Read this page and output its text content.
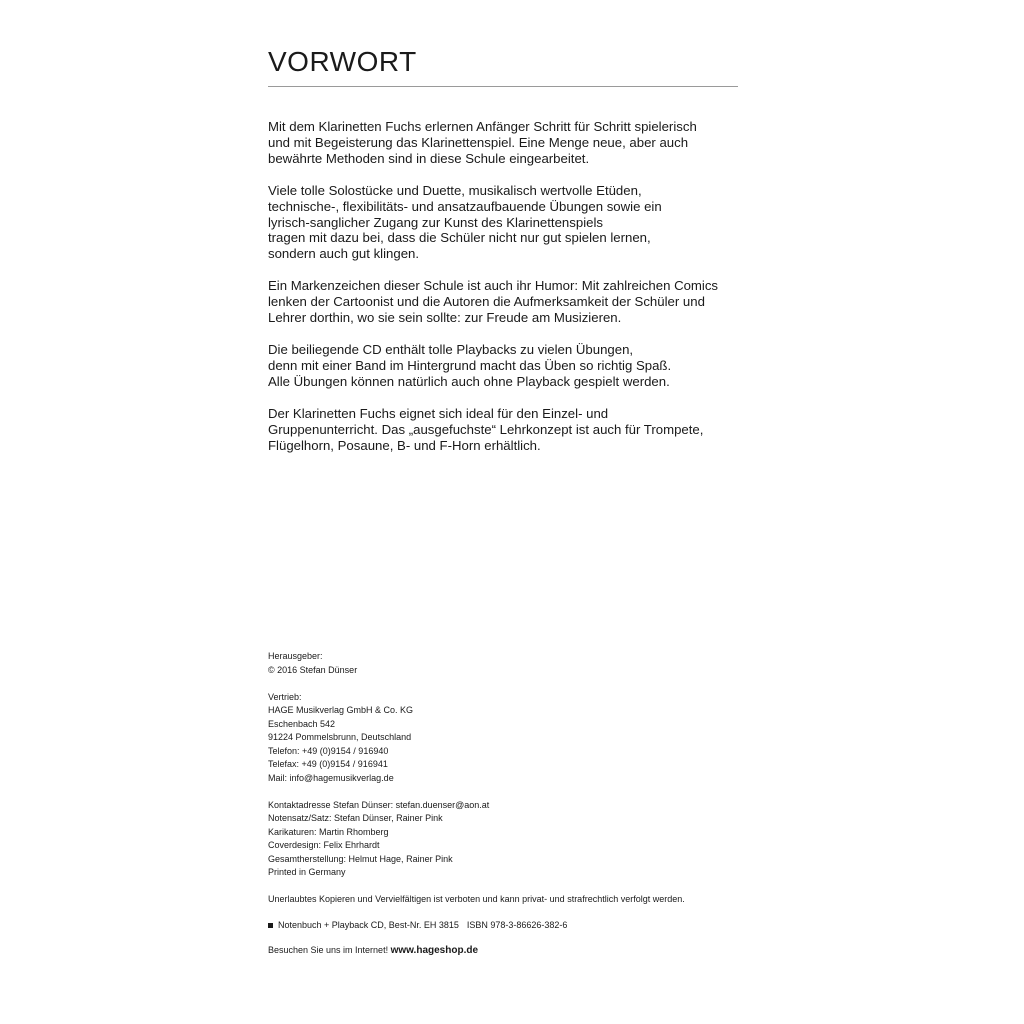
VORWORT

Mit dem Klarinetten Fuchs erlernen Anfänger Schritt für Schritt spielerisch
und mit Begeisterung das Klarinettenspiel. Eine Menge neue, aber auch
bewährte Methoden sind in diese Schule eingearbeitet.

Viele tolle Solostücke und Duette, musikalisch wertvolle Etüden,
technische-, flexibilitäts- und ansatzaufbauende Übungen sowie ein
lyrisch-sanglicher Zugang zur Kunst des Klarinettenspiels
tragen mit dazu bei, dass die Schüler nicht nur gut spielen lernen,
sondern auch gut klingen.

Ein Markenzeichen dieser Schule ist auch ihr Humor: Mit zahlreichen Comics
lenken der Cartoonist und die Autoren die Aufmerksamkeit der Schüler und
Lehrer dorthin, wo sie sein sollte: zur Freude am Musizieren.

Die beiliegende CD enthält tolle Playbacks zu vielen Übungen,
denn mit einer Band im Hintergrund macht das Üben so richtig Spaß.
Alle Übungen können natürlich auch ohne Playback gespielt werden.

Der Klarinetten Fuchs eignet sich ideal für den Einzel- und
Gruppenunterricht. Das „ausgefuchste“ Lehrkonzept ist auch für Trompete,
Flügelhorn, Posaune, B- und F-Horn erhältlich.

Herausgeber:
© 2016 Stefan Dünser
Vertrieb:
HAGE Musikverlag GmbH & Co. KG
Eschenbach 542
91224 Pommelsbrunn, Deutschland
Telefon: +49 (0)9154 / 916940
Telefax: +49 (0)9154 / 916941
Mail: info@hagemusikverlag.de
Kontaktadresse Stefan Dünser: stefan.duenser@aon.at
Notensatz/Satz: Stefan Dünser, Rainer Pink
Karikaturen: Martin Rhomberg
Coverdesign: Felix Ehrhardt
Gesamtherstellung: Helmut Hage, Rainer Pink
Printed in Germany
Unerlaubtes Kopieren und Vervielfältigen ist verboten und kann privat- und strafrechtlich verfolgt werden.
Notenbuch + Playback CD, Best-Nr. EH 3815 ISBN 978-3-86626-382-6
Besuchen Sie uns im Internet! www.hageshop.de
